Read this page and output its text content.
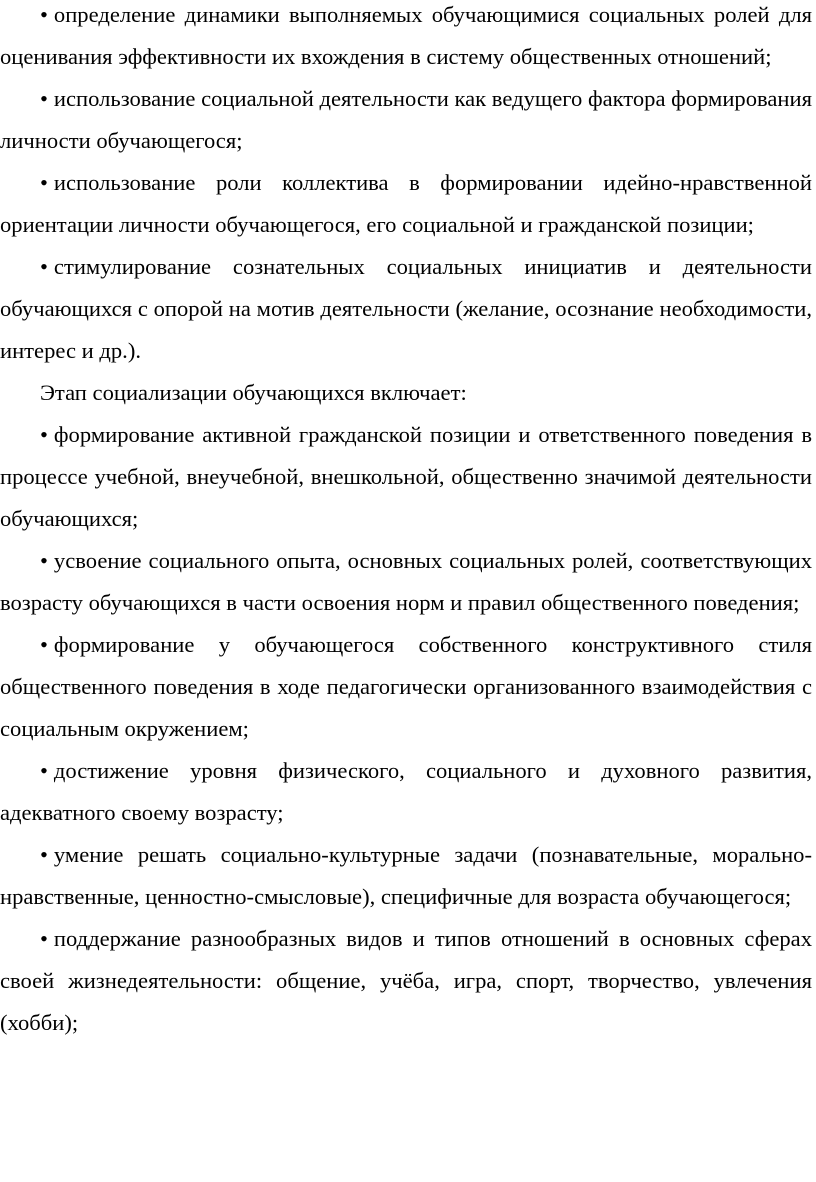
• определение динамики выполняемых обучающимися социальных ролей для оценивания эффективности их вхождения в систему общественных отношений;

• использование социальной деятельности как ведущего фактора формирования личности обучающегося;

• использование роли коллектива в формировании идейно-нравственной ориентации личности обучающегося, его социальной и гражданской позиции;

• стимулирование сознательных социальных инициатив и деятельности обучающихся с опорой на мотив деятельности (желание, осознание необходимости, интерес и др.).

Этап социализации обучающихся включает:

• формирование активной гражданской позиции и ответственного поведения в процессе учебной, внеучебной, внешкольной, общественно значимой деятельности обучающихся;

• усвоение социального опыта, основных социальных ролей, соответствующих возрасту обучающихся в части освоения норм и правил общественного поведения;

• формирование у обучающегося собственного конструктивного стиля общественного поведения в ходе педагогически организованного взаимодействия с социальным окружением;

• достижение уровня физического, социального и духовного развития, адекватного своему возрасту;

• умение решать социально-культурные задачи (познавательные, морально-нравственные, ценностно-смысловые), специфичные для возраста обучающегося;

• поддержание разнообразных видов и типов отношений в основных сферах своей жизнедеятельности: общение, учёба, игра, спорт, творчество, увлечения (хобби);
